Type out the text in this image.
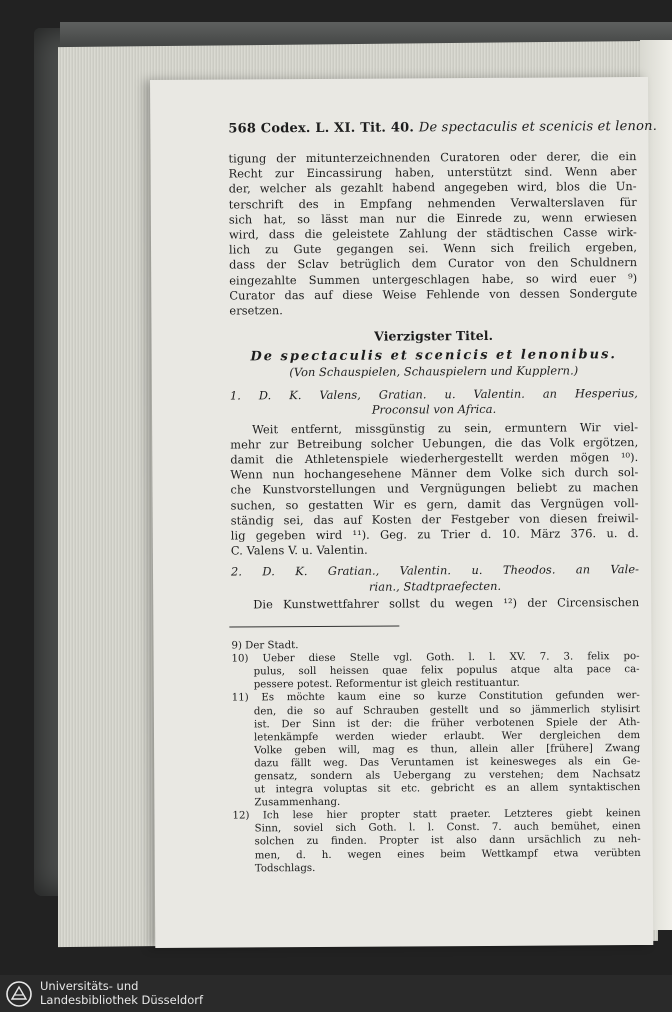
568 Codex. L. XI. Tit. 40. De spectaculis et scenicis et lenon.
tigung der mitunterzeichnenden Curatoren oder derer, die ein
Recht zur Eincassirung haben, unterstützt sind. Wenn aber
der, welcher als gezahlt habend angegeben wird, blos die Un-
terschrift des in Empfang nehmenden Verwalterslaven für
sich hat, so lässt man nur die Einrede zu, wenn erwiesen
wird, dass die geleistete Zahlung der städtischen Casse wirk-
lich zu Gute gegangen sei. Wenn sich freilich ergeben,
dass der Sclav betrüglich dem Curator von den Schuldnern
eingezahlte Summen untergeschlagen habe, so wird euer ⁹)
Curator das auf diese Weise Fehlende von dessen Sondergute
ersetzen.
Vierzigster Titel.
De spectaculis et scenicis et lenonibus.
(Von Schauspielen, Schauspielern und Kupplern.)
1. D. K. Valens, Gratian. u. Valentin. an Hesperius,
Proconsul von Africa.
Weit entfernt, missgünstig zu sein, ermuntern Wir viel-
mehr zur Betreibung solcher Uebungen, die das Volk ergötzen,
damit die Athletenspiele wiederhergestellt werden mögen ¹⁰).
Wenn nun hochangesehene Männer dem Volke sich durch sol-
che Kunstvorstellungen und Vergnügungen beliebt zu machen
suchen, so gestatten Wir es gern, damit das Vergnügen voll-
ständig sei, das auf Kosten der Festgeber von diesen freiwil-
lig gegeben wird ¹¹). Geg. zu Trier d. 10. März 376. u. d.
C. Valens V. u. Valentin.
2. D. K. Gratian., Valentin. u. Theodos. an Vale-
rian., Stadtpraefecten.
Die Kunstwettfahrer sollst du wegen ¹²) der Circensischen
9) Der Stadt.
10) Ueber diese Stelle vgl. Goth. l. l. XV. 7. 3. felix po-
pulus, soll heissen quae felix populus atque alta pace ca-
pessere potest. Reformentur ist gleich restituantur.
11) Es möchte kaum eine so kurze Constitution gefunden wer-
den, die so auf Schrauben gestellt und so jämmerlich stylisirt
ist. Der Sinn ist der: die früher verbotenen Spiele der Ath-
letenkämpfe werden wieder erlaubt. Wer dergleichen dem
Volke geben will, mag es thun, allein aller [frühere] Zwang
dazu fällt weg. Das Veruntamen ist keinesweges als ein Ge-
gensatz, sondern als Uebergang zu verstehen; dem Nachsatz
ut integra voluptas sit etc. gebricht es an allem syntaktischen
Zusammenhang.
12) Ich lese hier propter statt praeter. Letzteres giebt keinen
Sinn, soviel sich Goth. l. l. Const. 7. auch bemühet, einen
solchen zu finden. Propter ist also dann ursächlich zu neh-
men, d. h. wegen eines beim Wettkampf etwa verübten
Todschlags.
Universitäts- und
Landesbibliothek Düsseldorf
